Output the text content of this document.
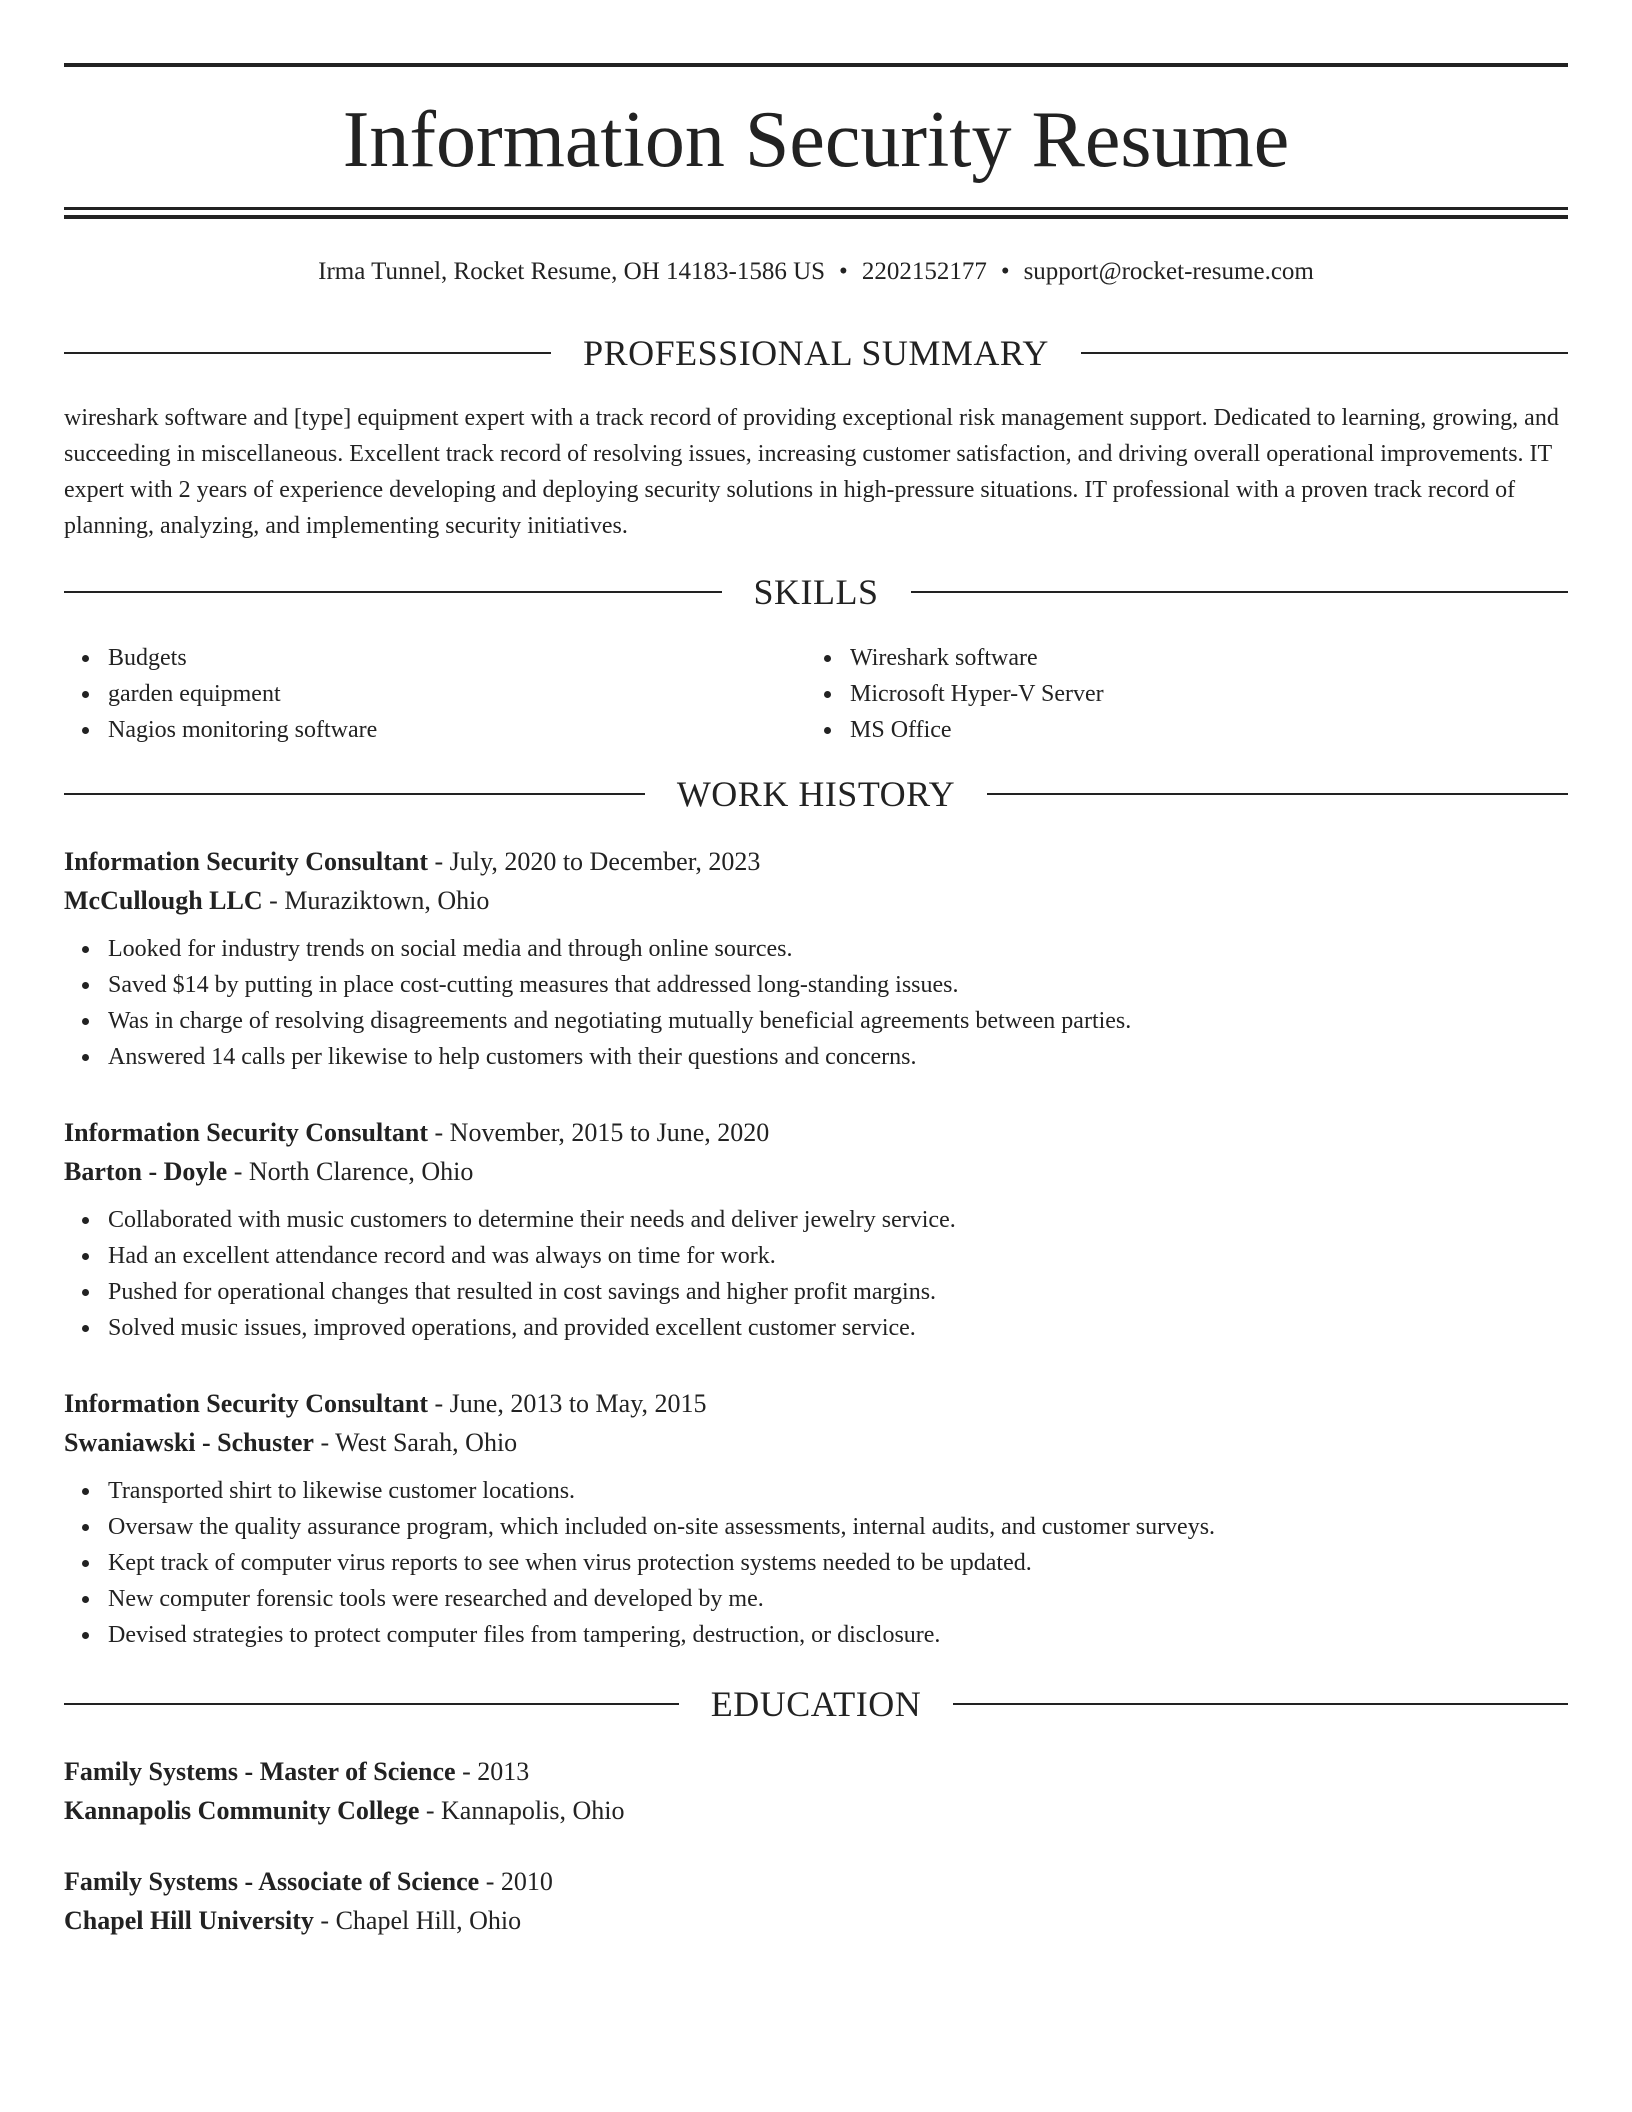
Information Security Resume
Irma Tunnel, Rocket Resume, OH 14183-1586 US • 2202152177 • support@rocket-resume.com
PROFESSIONAL SUMMARY

wireshark software and [type] equipment expert with a track record of providing exceptional risk management support. Dedicated to learning, growing, and succeeding in miscellaneous. Excellent track record of resolving issues, increasing customer satisfaction, and driving overall operational improvements. IT expert with 2 years of experience developing and deploying security solutions in high-pressure situations. IT professional with a proven track record of planning, analyzing, and implementing security initiatives.

SKILLS
Budgets
garden equipment
Nagios monitoring software
Wireshark software
Microsoft Hyper-V Server
MS Office
WORK HISTORY
Information Security Consultant - July, 2020 to December, 2023
McCullough LLC - Muraziktown, Ohio
Looked for industry trends on social media and through online sources.
Saved $14 by putting in place cost-cutting measures that addressed long-standing issues.
Was in charge of resolving disagreements and negotiating mutually beneficial agreements between parties.
Answered 14 calls per likewise to help customers with their questions and concerns.
Information Security Consultant - November, 2015 to June, 2020
Barton - Doyle - North Clarence, Ohio
Collaborated with music customers to determine their needs and deliver jewelry service.
Had an excellent attendance record and was always on time for work.
Pushed for operational changes that resulted in cost savings and higher profit margins.
Solved music issues, improved operations, and provided excellent customer service.
Information Security Consultant - June, 2013 to May, 2015
Swaniawski - Schuster - West Sarah, Ohio
Transported shirt to likewise customer locations.
Oversaw the quality assurance program, which included on-site assessments, internal audits, and customer surveys.
Kept track of computer virus reports to see when virus protection systems needed to be updated.
New computer forensic tools were researched and developed by me.
Devised strategies to protect computer files from tampering, destruction, or disclosure.
EDUCATION
Family Systems - Master of Science - 2013
Kannapolis Community College - Kannapolis, Ohio
Family Systems - Associate of Science - 2010
Chapel Hill University - Chapel Hill, Ohio
